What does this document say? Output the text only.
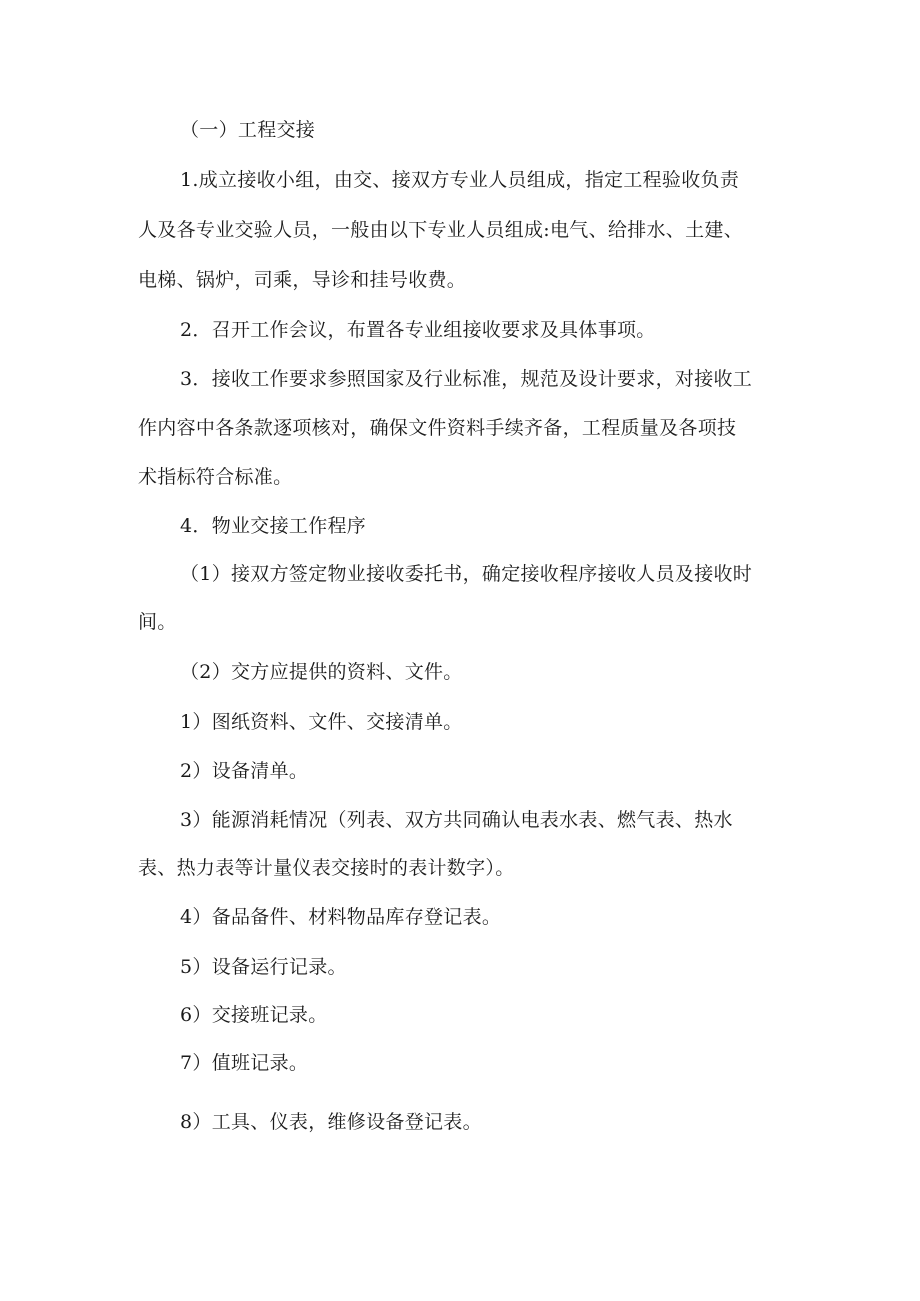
（一）工程交接
1.成立接收小组，由交、接双方专业人员组成，指定工程验收负责
人及各专业交验人员，一般由以下专业人员组成:电气、给排水、土建、
电梯、锅炉，司乘，导诊和挂号收费。
2．召开工作会议，布置各专业组接收要求及具体事项。
3．接收工作要求参照国家及行业标准，规范及设计要求，对接收工
作内容中各条款逐项核对，确保文件资料手续齐备，工程质量及各项技
术指标符合标准。
4．物业交接工作程序
（1）接双方签定物业接收委托书，确定接收程序接收人员及接收时
间。
（2）交方应提供的资料、文件。
1）图纸资料、文件、交接清单。
2）设备清单。
3）能源消耗情况（列表、双方共同确认电表水表、燃气表、热水
表、热力表等计量仪表交接时的表计数字）。
4）备品备件、材料物品库存登记表。
5）设备运行记录。
6）交接班记录。
7）值班记录。
8）工具、仪表，维修设备登记表。
